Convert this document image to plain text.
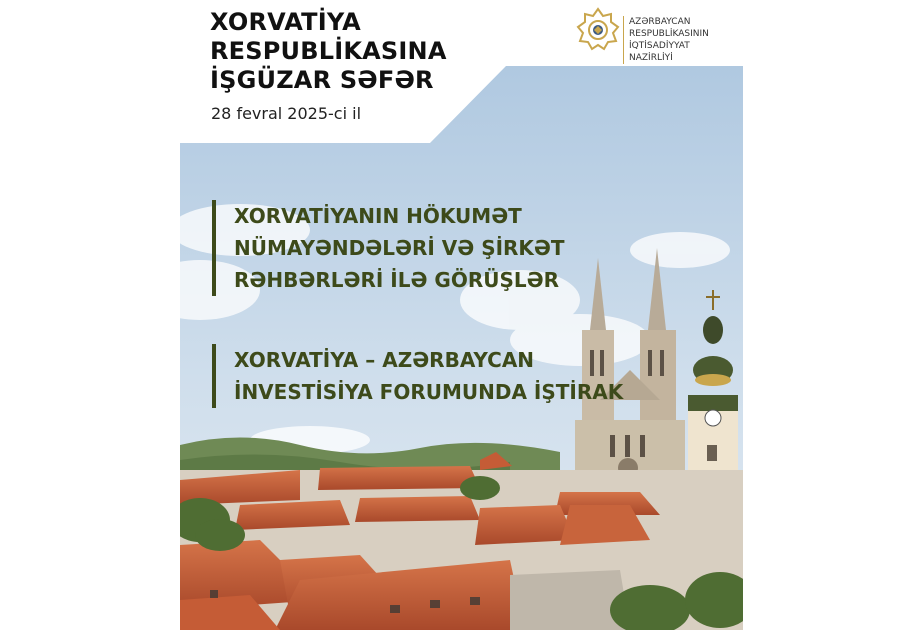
XORVATİYA
RESPUBLİKASINA
İŞGÜZAR SƏFƏR
28 fevral 2025-ci il
AZƏRBAYCAN
RESPUBLİKASININ
İQTİSADİYYAT
NAZİRLİYİ
XORVATİYANIN HÖKUMƏT
NÜMAYƏNDƏLƏRİ VƏ ŞİRKƏT
RƏHBƏRLƏRİ İLƏ GÖRÜŞLƏR
XORVATİYA – AZƏRBAYCAN
İNVESTİSİYA FORUMUNDA İŞTİRAK
